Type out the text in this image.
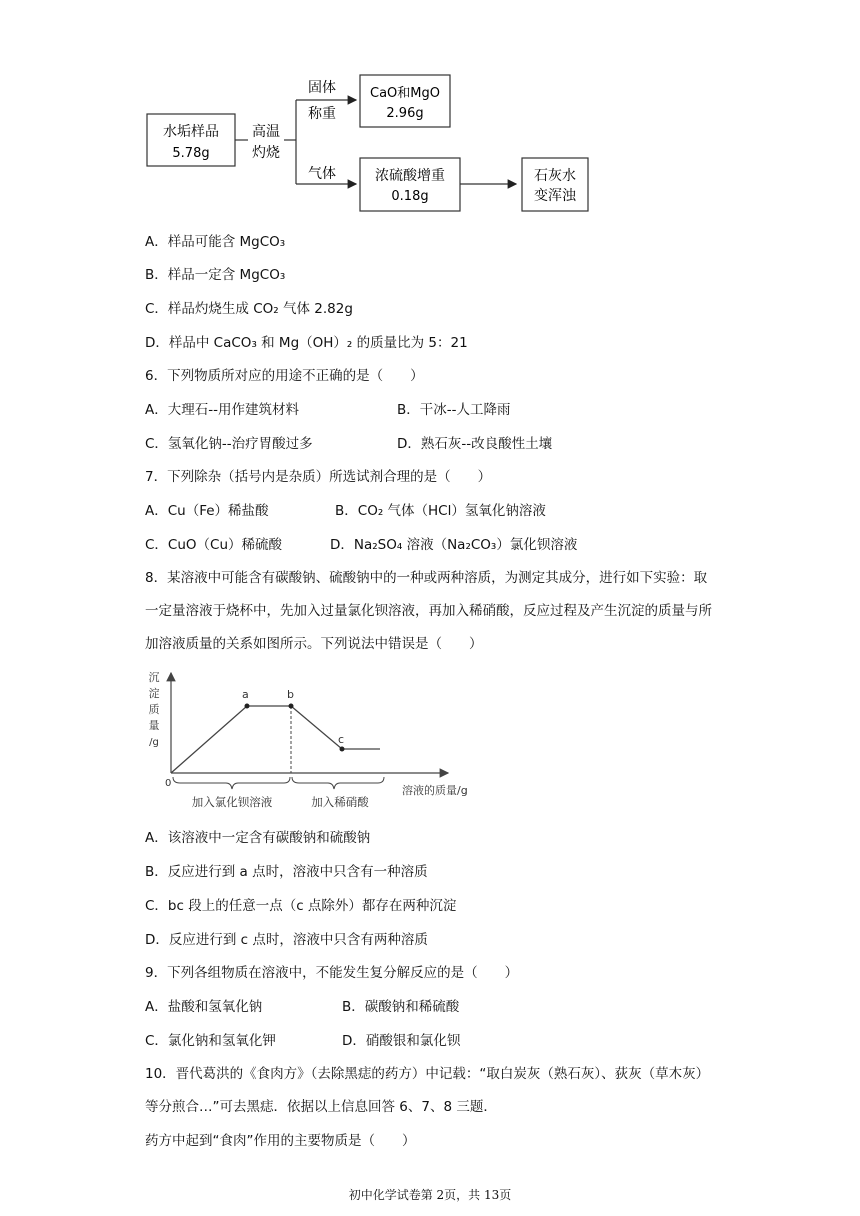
水垢样品
5.78g
高温
灼烧
固体
称重
气体
CaO和MgO
2.96g
浓硫酸增重
0.18g
石灰水
变浑浊
A．样品可能含 MgCO₃
B．样品一定含 MgCO₃
C．样品灼烧生成 CO₂ 气体 2.82g
D．样品中 CaCO₃ 和 Mg（OH）₂ 的质量比为 5：21
6．下列物质所对应的用途不正确的是（　　）
A．大理石--用作建筑材料	B．干冰--人工降雨
C．氢氧化钠--治疗胃酸过多	D．熟石灰--改良酸性土壤
7．下列除杂（括号内是杂质）所选试剂合理的是（　　）
A．Cu（Fe）稀盐酸	B．CO₂ 气体（HCl）氢氧化钠溶液
C．CuO（Cu）稀硫酸	D．Na₂SO₄ 溶液（Na₂CO₃）氯化钡溶液
8．某溶液中可能含有碳酸钠、硫酸钠中的一种或两种溶质，为测定其成分，进行如下实验：取一定量溶液于烧杯中，先加入过量氯化钡溶液，再加入稀硝酸，反应过程及产生沉淀的质量与所加溶液质量的关系如图所示。下列说法中错误是（　　）
沉
淀
质
量
/g
0
a	b
c
加入氯化钡溶液	加入稀硝酸
溶液的质量/g
A．该溶液中一定含有碳酸钠和硫酸钠
B．反应进行到 a 点时，溶液中只含有一种溶质
C．bc 段上的任意一点（c 点除外）都存在两种沉淀
D．反应进行到 c 点时，溶液中只含有两种溶质
9．下列各组物质在溶液中，不能发生复分解反应的是（　　）
A．盐酸和氢氧化钠	B．碳酸钠和稀硫酸
C．氯化钠和氢氧化钾	D．硝酸银和氯化钡
10．晋代葛洪的《食肉方》（去除黑痣的药方）中记载：“取白炭灰（熟石灰）、荻灰（草木灰）等分煎合…”可去黑痣．依据以上信息回答 6、7、8 三题．
药方中起到“食肉”作用的主要物质是（　　）
初中化学试卷第 2页，共 13页
